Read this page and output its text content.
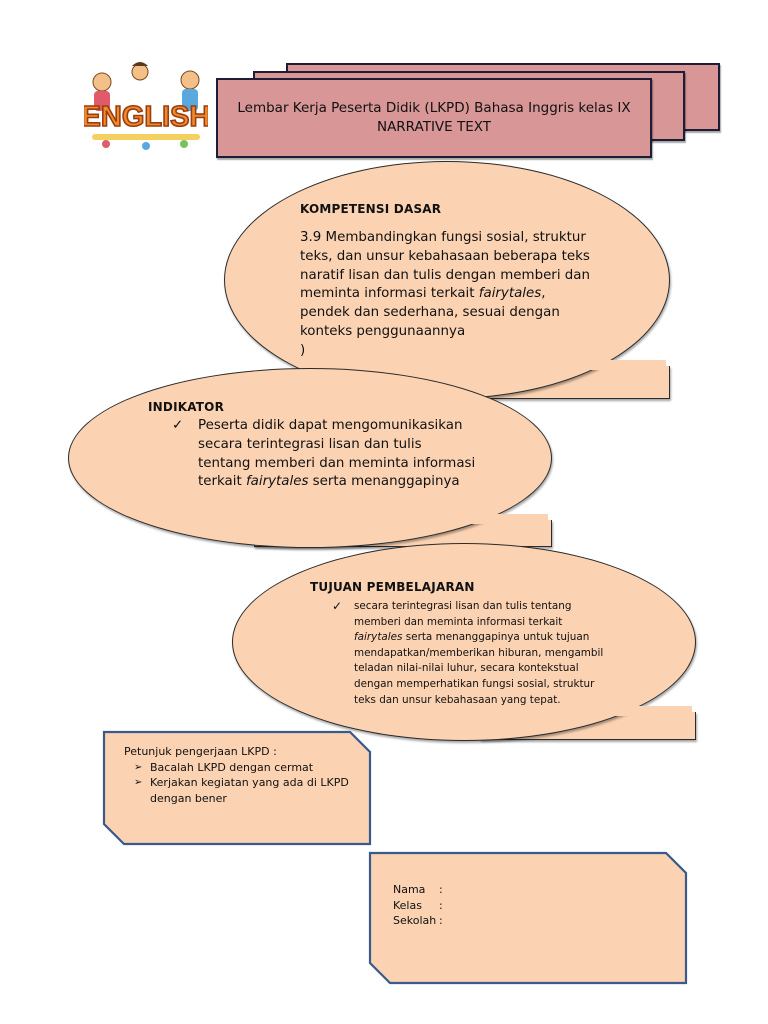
ENGLISH Lembar Kerja Peserta Didik (LKPD) Bahasa Inggris kelas IX
NARRATIVE TEXT
KOMPETENSI DASAR
3.9 Membandingkan fungsi sosial, struktur
teks, dan unsur kebahasaan beberapa teks
naratif lisan dan tulis dengan memberi dan
meminta informasi terkait fairytales,
pendek dan sederhana, sesuai dengan
konteks penggunaannya
)
INDIKATOR
✓	Peserta didik dapat mengomunikasikan
secara terintegrasi lisan dan tulis
tentang memberi dan meminta informasi
terkait fairytales serta menanggapinya
TUJUAN PEMBELAJARAN
✓	secara terintegrasi lisan dan tulis tentang
memberi dan meminta informasi terkait
fairytales serta menanggapinya untuk tujuan
mendapatkan/memberikan hiburan, mengambil
teladan nilai-nilai luhur, secara kontekstual
dengan memperhatikan fungsi sosial, struktur
teks dan unsur kebahasaan yang tepat.
Petunjuk pengerjaan LKPD :
➢ Bacalah LKPD dengan cermat
➢ Kerjakan kegiatan yang ada di LKPD dengan bener
Nama	:
Kelas	:
Sekolah :
